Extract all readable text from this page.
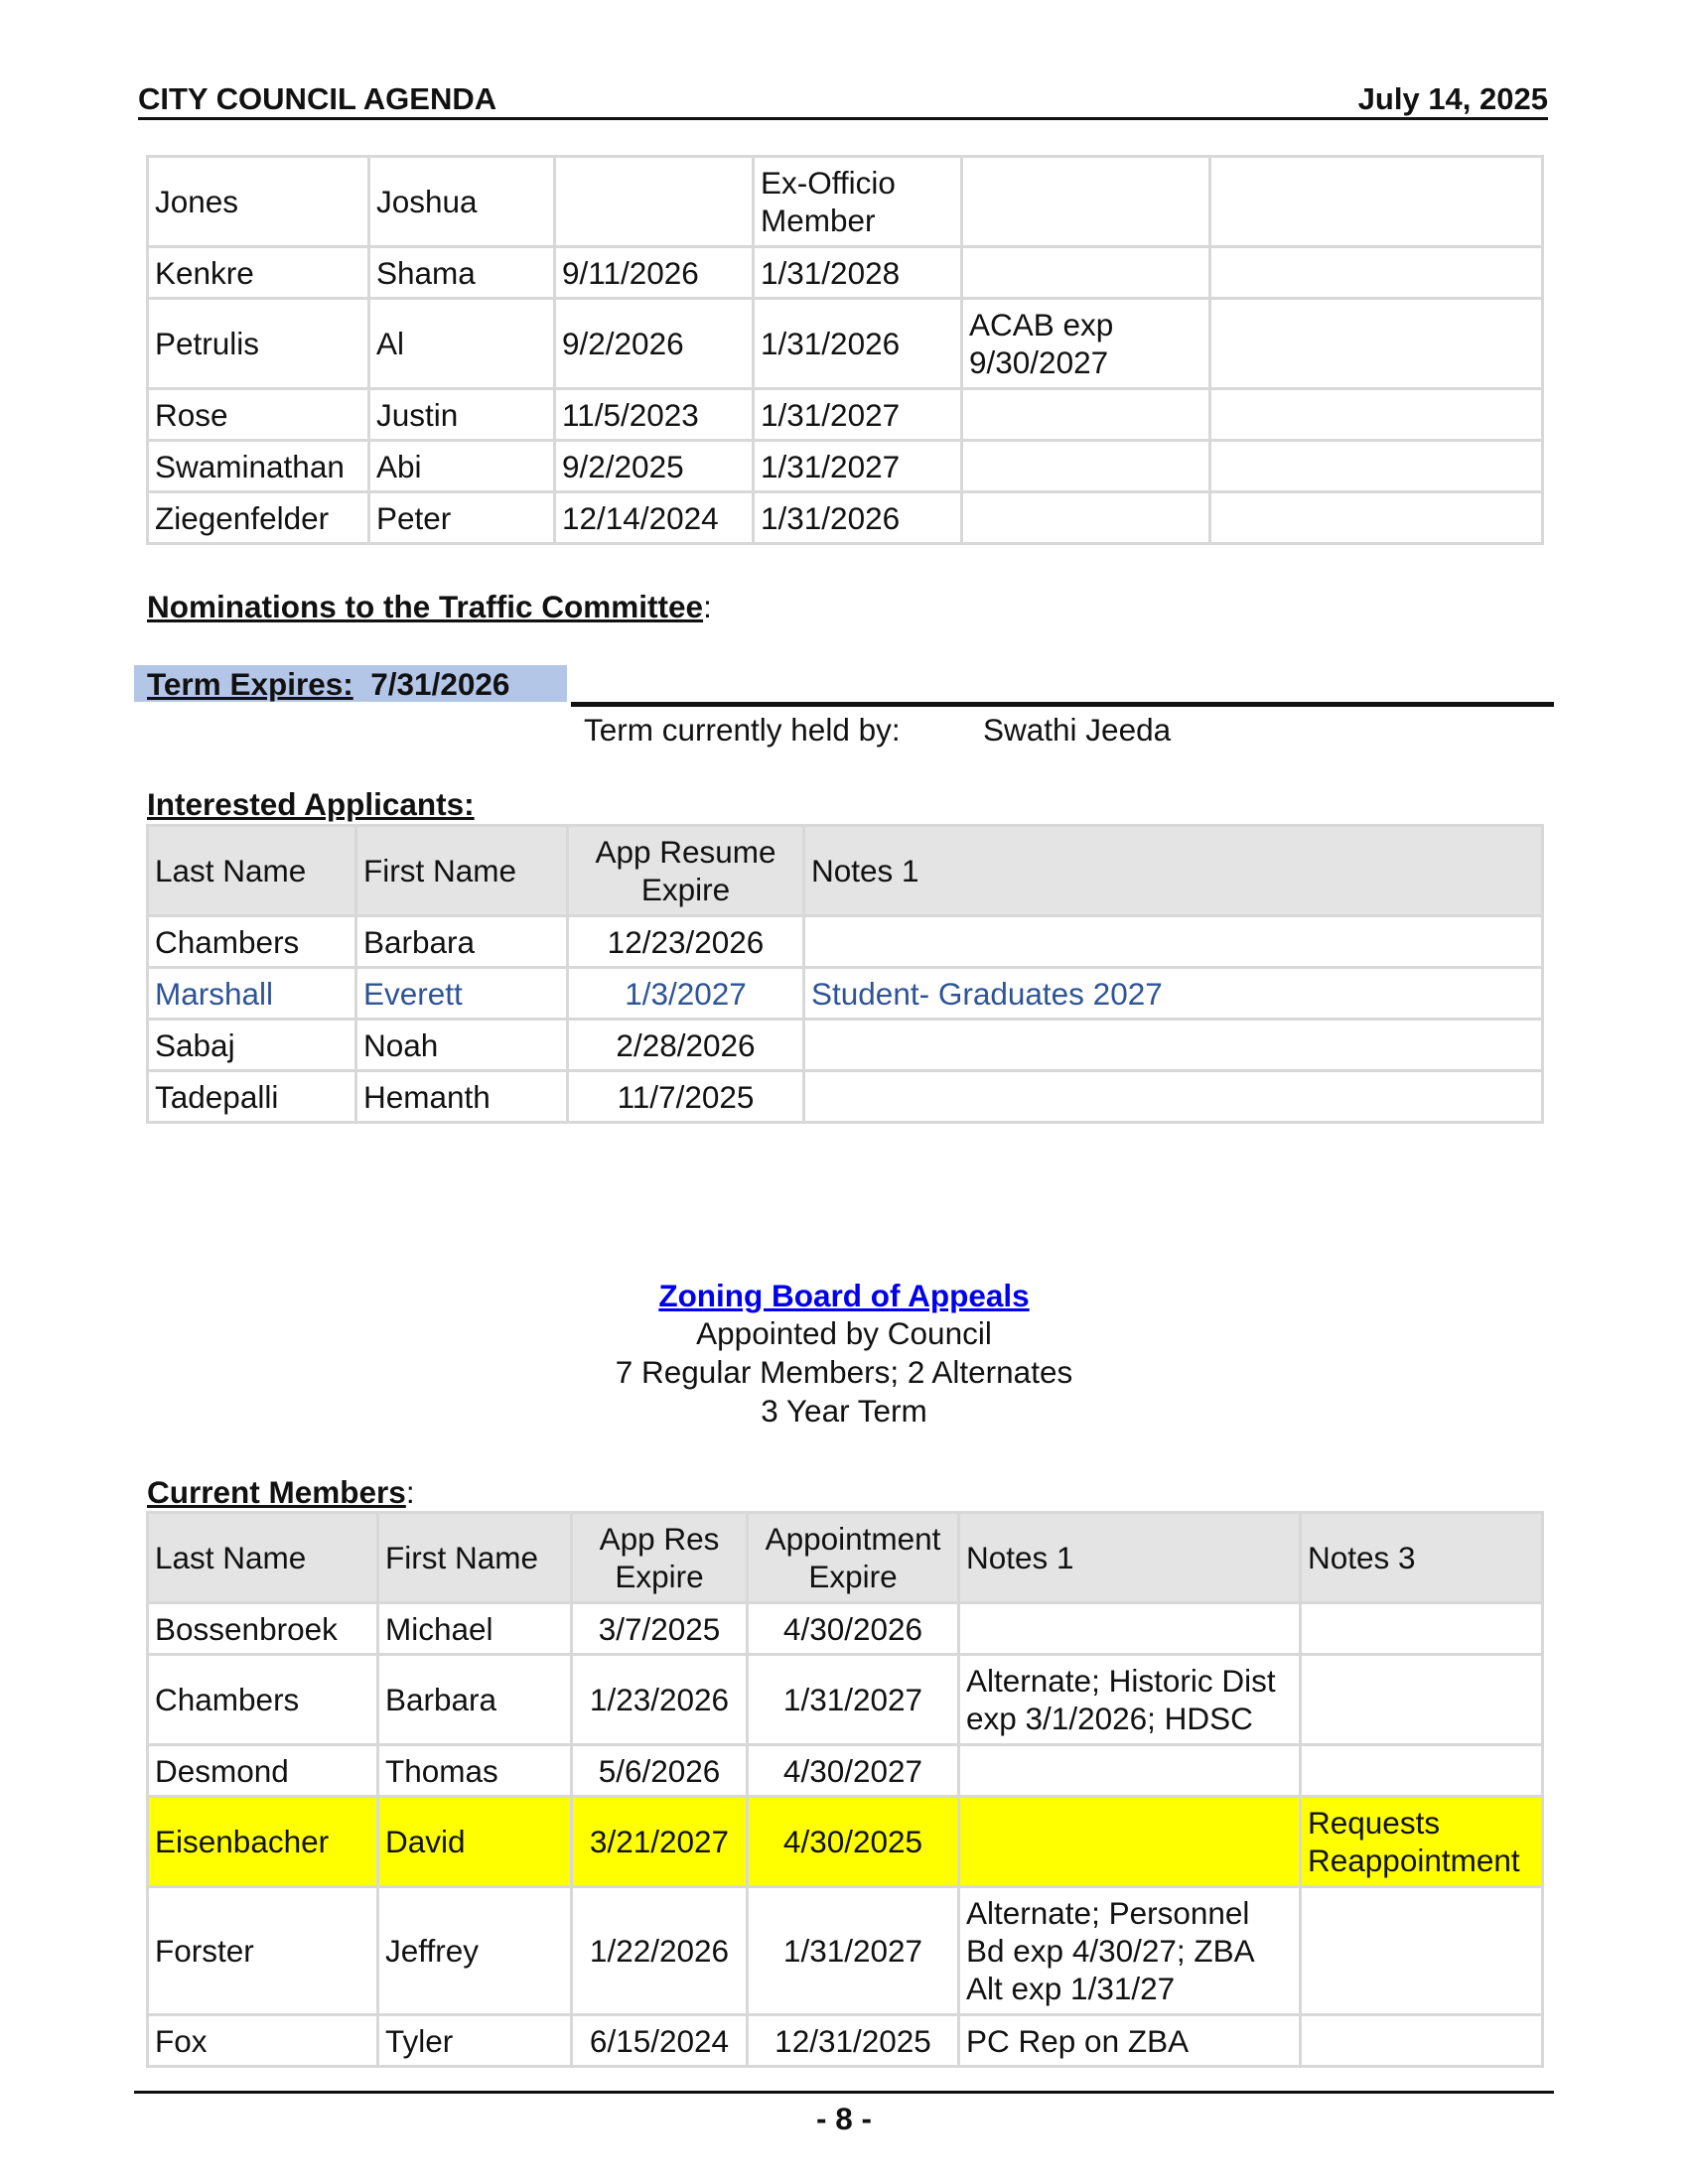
CITY COUNCIL AGENDA	July 14, 2025
Jones	Joshua		Ex-Officio Member		
Kenkre	Shama	9/11/2026	1/31/2028		
Petrulis	Al	9/2/2026	1/31/2026	ACAB exp 9/30/2027	
Rose	Justin	11/5/2023	1/31/2027		
Swaminathan	Abi	9/2/2025	1/31/2027		
Ziegenfelder	Peter	12/14/2024	1/31/2026		
Nominations to the Traffic Committee:
Term Expires: 7/31/2026
Term currently held by:	Swathi Jeeda
Interested Applicants:
Last Name	First Name	App Resume Expire	Notes 1
Chambers	Barbara	12/23/2026	
Marshall	Everett	1/3/2027	Student- Graduates 2027
Sabaj	Noah	2/28/2026	
Tadepalli	Hemanth	11/7/2025	
Zoning Board of Appeals
Appointed by Council
7 Regular Members; 2 Alternates
3 Year Term
Current Members:
Last Name	First Name	App Res Expire	Appointment Expire	Notes 1	Notes 3
Bossenbroek	Michael	3/7/2025	4/30/2026		
Chambers	Barbara	1/23/2026	1/31/2027	Alternate; Historic Dist exp 3/1/2026; HDSC	
Desmond	Thomas	5/6/2026	4/30/2027		
Eisenbacher	David	3/21/2027	4/30/2025		Requests Reappointment
Forster	Jeffrey	1/22/2026	1/31/2027	Alternate; Personnel Bd exp 4/30/27; ZBA Alt exp 1/31/27	
Fox	Tyler	6/15/2024	12/31/2025	PC Rep on ZBA	
- 8 -
